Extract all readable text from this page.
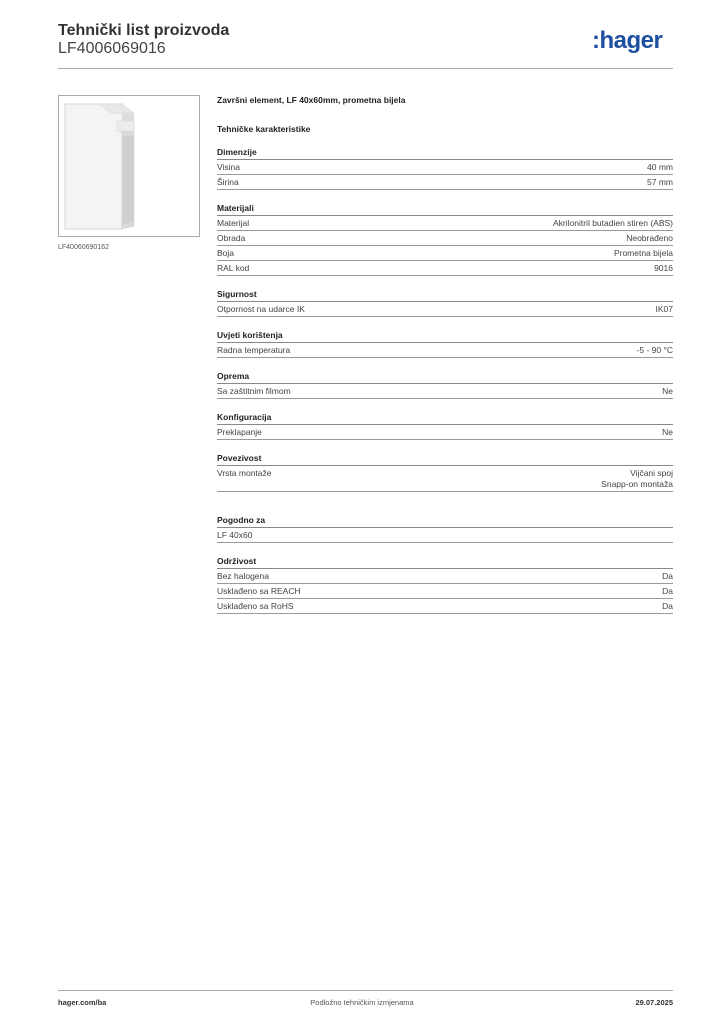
Tehnički list proizvoda
LF4006069016	:hager
LF40060690162
Završni element, LF 40x60mm, prometna bijela
Tehničke karakteristike
Dimenzije
Visina	40 mm
Širina	57 mm
Materijali
Materijal	Akrilonitril butadien stiren (ABS)
Obrada	Neobrađeno
Boja	Prometna bijela
RAL kod	9016
Sigurnost
Otpornost na udarce IK	IK07
Uvjeti korištenja
Radna temperatura	-5 - 90 °C
Oprema
Sa zaštitnim filmom	Ne
Konfiguracija
Preklapanje	Ne
Povezivost
Vrsta montaže	Vijčani spoj
Snapp-on montaža
Pogodno za
LF 40x60
Održivost
Bez halogena	Da
Usklađeno sa REACH	Da
Usklađeno sa RoHS	Da
hager.com/ba	Podložno tehničkim izmjenama	29.07.2025
